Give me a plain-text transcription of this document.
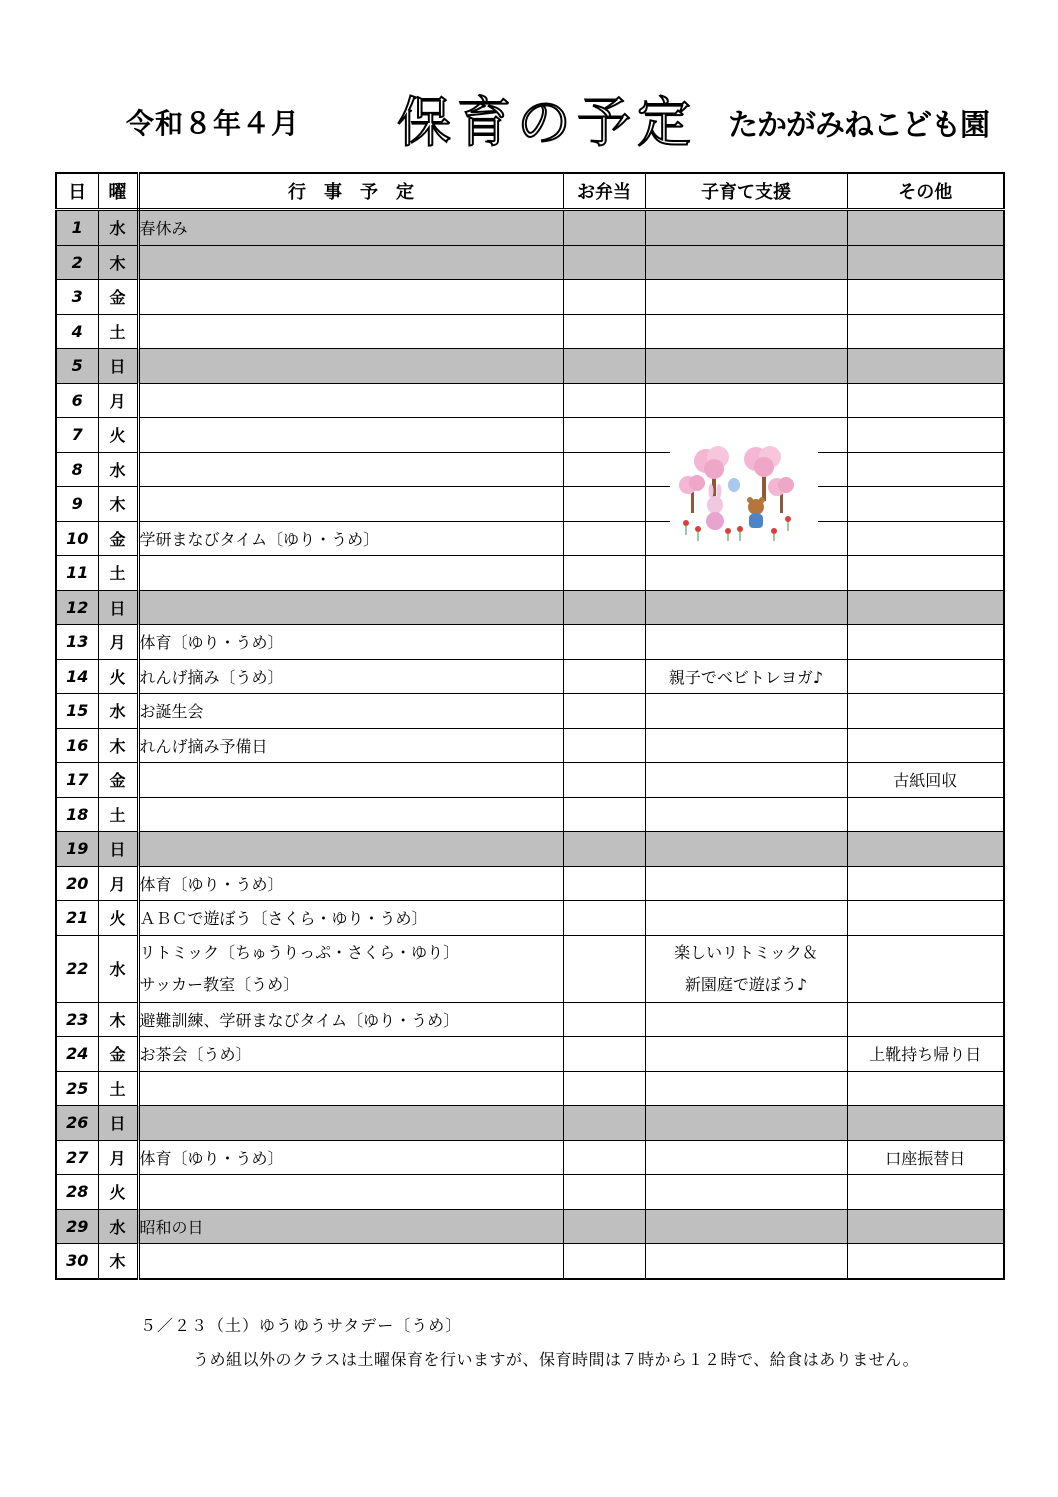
令和８年４月 保育の予定 たかがみねこども園
日	曜	行　事　予　定	お弁当	子育て支援	その他
1	水	春休み			
2	木				
3	金				
4	土				
5	日				
6	月				
7	火				
8	水				
9	木				
10	金	学研まなびタイム〔ゆり・うめ〕			
11	土				
12	日				
13	月	体育〔ゆり・うめ〕			
14	火	れんげ摘み〔うめ〕		親子でベビトレヨガ♪	
15	水	お誕生会			
16	木	れんげ摘み予備日			
17	金				古紙回収
18	土				
19	日				
20	月	体育〔ゆり・うめ〕			
21	火	ＡＢＣで遊ぼう〔さくら・ゆり・うめ〕			
22	水	リトミック〔ちゅうりっぷ・さくら・ゆり〕
サッカー教室〔うめ〕		楽しいリトミック＆
新園庭で遊ぼう♪	

23	木	避難訓練、学研まなびタイム〔ゆり・うめ〕			
24	金	お茶会〔うめ〕			上靴持ち帰り日
25	土				
26	日				
27	月	体育〔ゆり・うめ〕			口座振替日
28	火				
29	水	昭和の日			
30	木				
５／２３（土）ゆうゆうサタデー〔うめ〕
うめ組以外のクラスは土曜保育を行いますが、保育時間は７時から１２時で、給食はありません。
